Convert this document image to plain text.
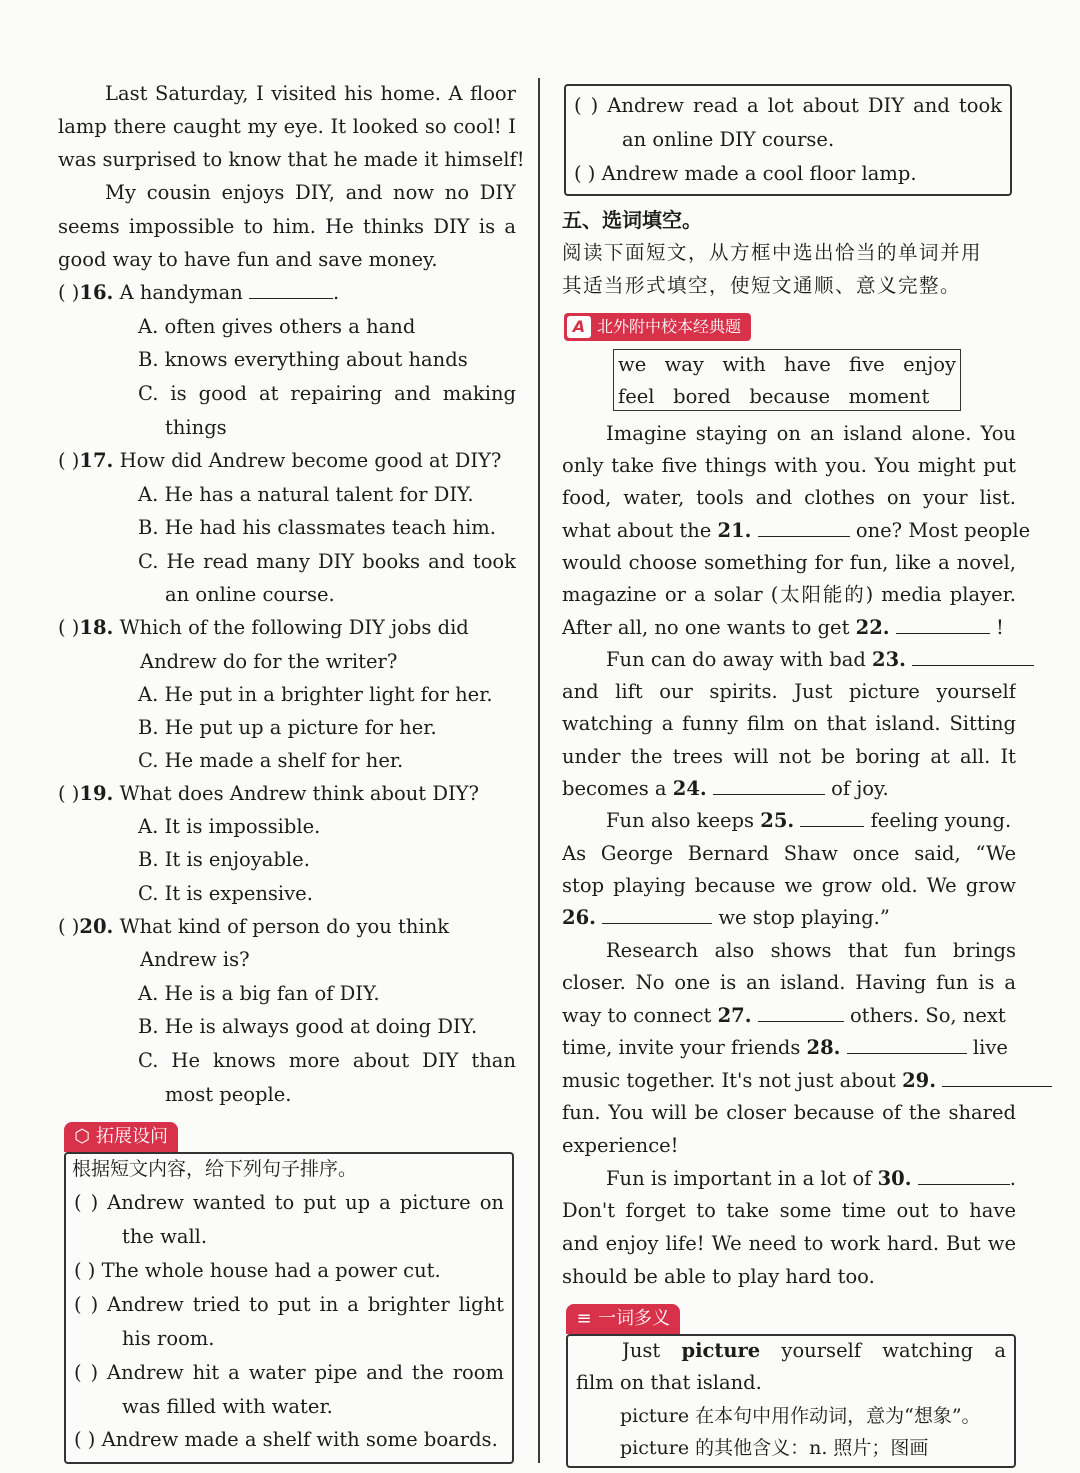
Last Saturday, I visited his home. A floor
lamp there caught my eye. It looked so cool! I
was surprised to know that he made it himself!
My cousin enjoys DIY, and now no DIY
seems impossible to him. He thinks DIY is a
good way to have fun and save money.
( )16. A handyman	.
A. often gives others a hand
B. knows everything about hands
C. is good at repairing and making
things
( )17. How did Andrew become good at DIY?
A. He has a natural talent for DIY.
B. He had his classmates teach him.
C. He read many DIY books and took
an online course.
( )18. Which of the following DIY jobs did
Andrew do for the writer?
A. He put in a brighter light for her.
B. He put up a picture for her.
C. He made a shelf for her.
( )19. What does Andrew think about DIY?
A. It is impossible.
B. It is enjoyable.
C. It is expensive.
( )20. What kind of person do you think
Andrew is?
A. He is a big fan of DIY.
B. He is always good at doing DIY.
C. He knows more about DIY than
most people.
⬡ 拓展设问
根据短文内容，给下列句子排序。
( ) Andrew wanted to put up a picture on
the wall.
( ) The whole house had a power cut.
( ) Andrew tried to put in a brighter light
his room.
( ) Andrew hit a water pipe and the room
was filled with water.
( ) Andrew made a shelf with some boards.
( ) Andrew read a lot about DIY and took
an online DIY course.
( ) Andrew made a cool floor lamp.
五、选词填空。
阅读下面短文，从方框中选出恰当的单词并用
其适当形式填空，使短文通顺、意义完整。
A 北外附中校本经典题
we way with have five enjoy
feel bored because moment
Imagine staying on an island alone. You
only take five things with you. You might put
food, water, tools and clothes on your list.
what about the 21.	one? Most people
would choose something for fun, like a novel,
magazine or a solar (太阳能的) media player.
After all, no one wants to get 22.	!
Fun can do away with bad 23.
and lift our spirits. Just picture yourself
watching a funny film on that island. Sitting
under the trees will not be boring at all. It
becomes a 24.	of joy.
Fun also keeps 25.	feeling young.
As George Bernard Shaw once said, “We
stop playing because we grow old. We grow
26.	we stop playing.”
Research also shows that fun brings
closer. No one is an island. Having fun is a
way to connect 27.	others. So, next
time, invite your friends 28.	live
music together. It's not just about 29.
fun. You will be closer because of the shared
experience!
Fun is important in a lot of 30.	.
Don't forget to take some time out to have
and enjoy life! We need to work hard. But we
should be able to play hard too.
≡ 一词多义
Just picture yourself watching a
film on that island.
picture 在本句中用作动词，意为“想象”。
picture 的其他含义：n. 照片；图画
